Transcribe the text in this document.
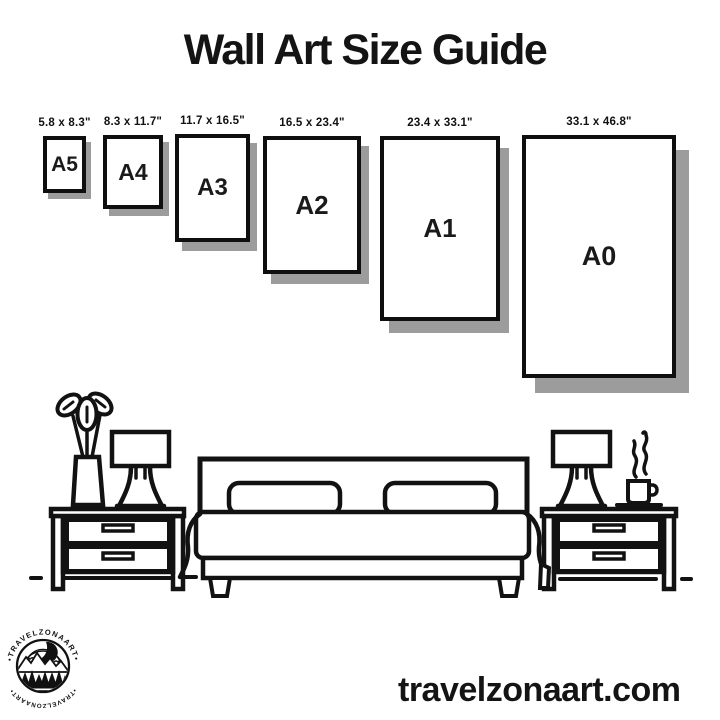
Wall Art Size Guide
5.8 x 8.3"
A5
8.3 x 11.7"
A4
11.7 x 16.5"
A3
16.5 x 23.4"
A2
23.4 x 33.1"
A1
33.1 x 46.8"
A0
•TRAVELZONAART•
•TRAVELZONAART•	travelzonaart.com
